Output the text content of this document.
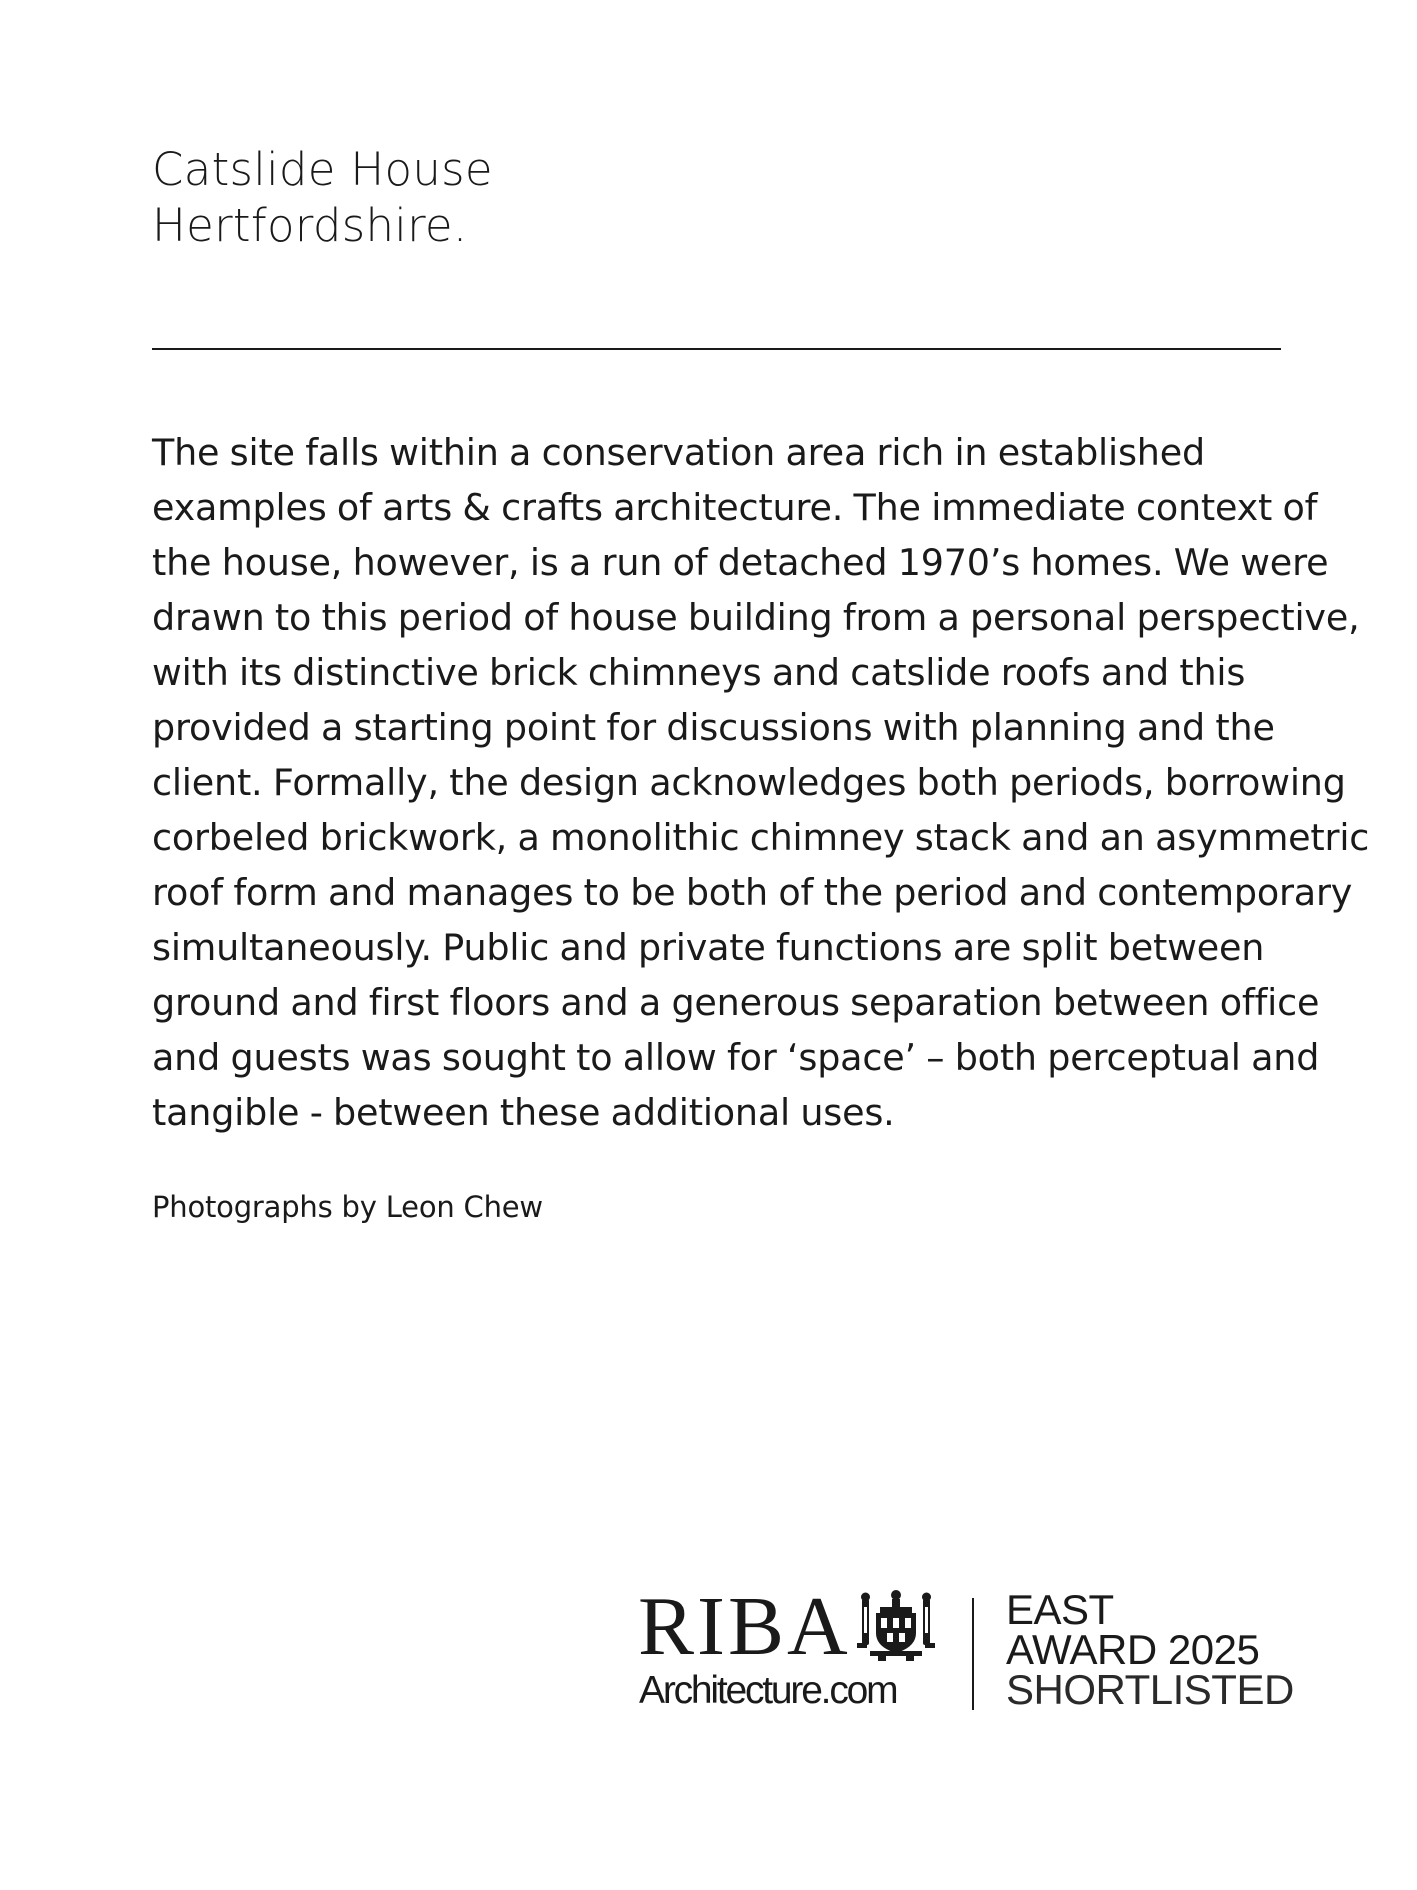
Catslide House
Hertfordshire.
The site falls within a conservation area rich in established
examples of arts & crafts architecture. The immediate context of
the house, however, is a run of detached 1970’s homes. We were
drawn to this period of house building from a personal perspective,
with its distinctive brick chimneys and catslide roofs and this
provided a starting point for discussions with planning and the
client. Formally, the design acknowledges both periods, borrowing
corbeled brickwork, a monolithic chimney stack and an asymmetric
roof form and manages to be both of the period and contemporary
simultaneously. Public and private functions are split between
ground and first floors and a generous separation between office
and guests was sought to allow for ‘space’ – both perceptual and
tangible - between these additional uses.
Photographs by Leon Chew
RIBA
Architecture.com
EAST
AWARD 2025
SHORTLISTED
